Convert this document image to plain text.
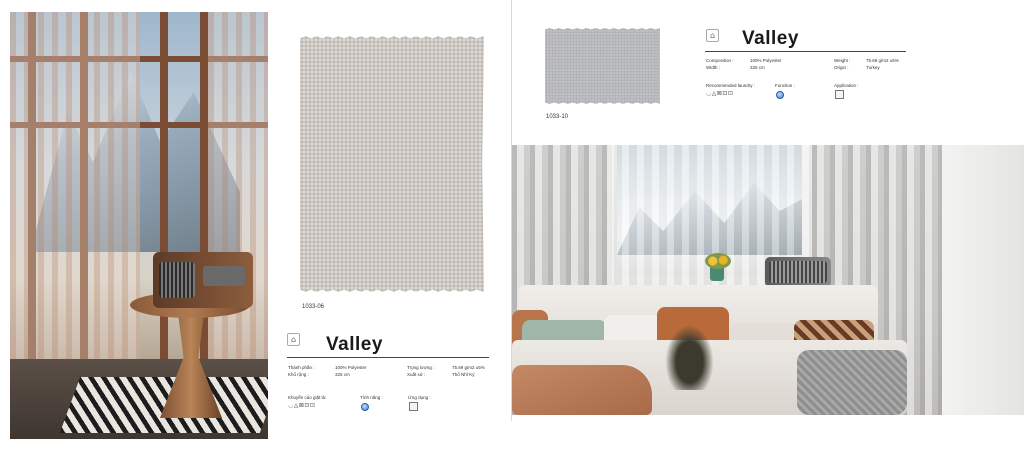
1033-06
⌂ Valley
Thành phần :	100% Polyester
Khổ rộng :	325 cm
Trọng lượng :	75.69 g/m2 ±5%
Xuất xứ :	Thổ Nhĩ Kỳ
Khuyến cáo giặt là:
◡◬⊠⊡⊡
Tính năng :	Ứng dụng :
1033-10
⌂ Valley
Composition :	100% Polyester
Width :	325 cm
Weight :	75.69 g/m2 ±5%
Origin :	Turkey
Recommended laundry :
◡◬⊠⊡⊡
Function :	Application :
